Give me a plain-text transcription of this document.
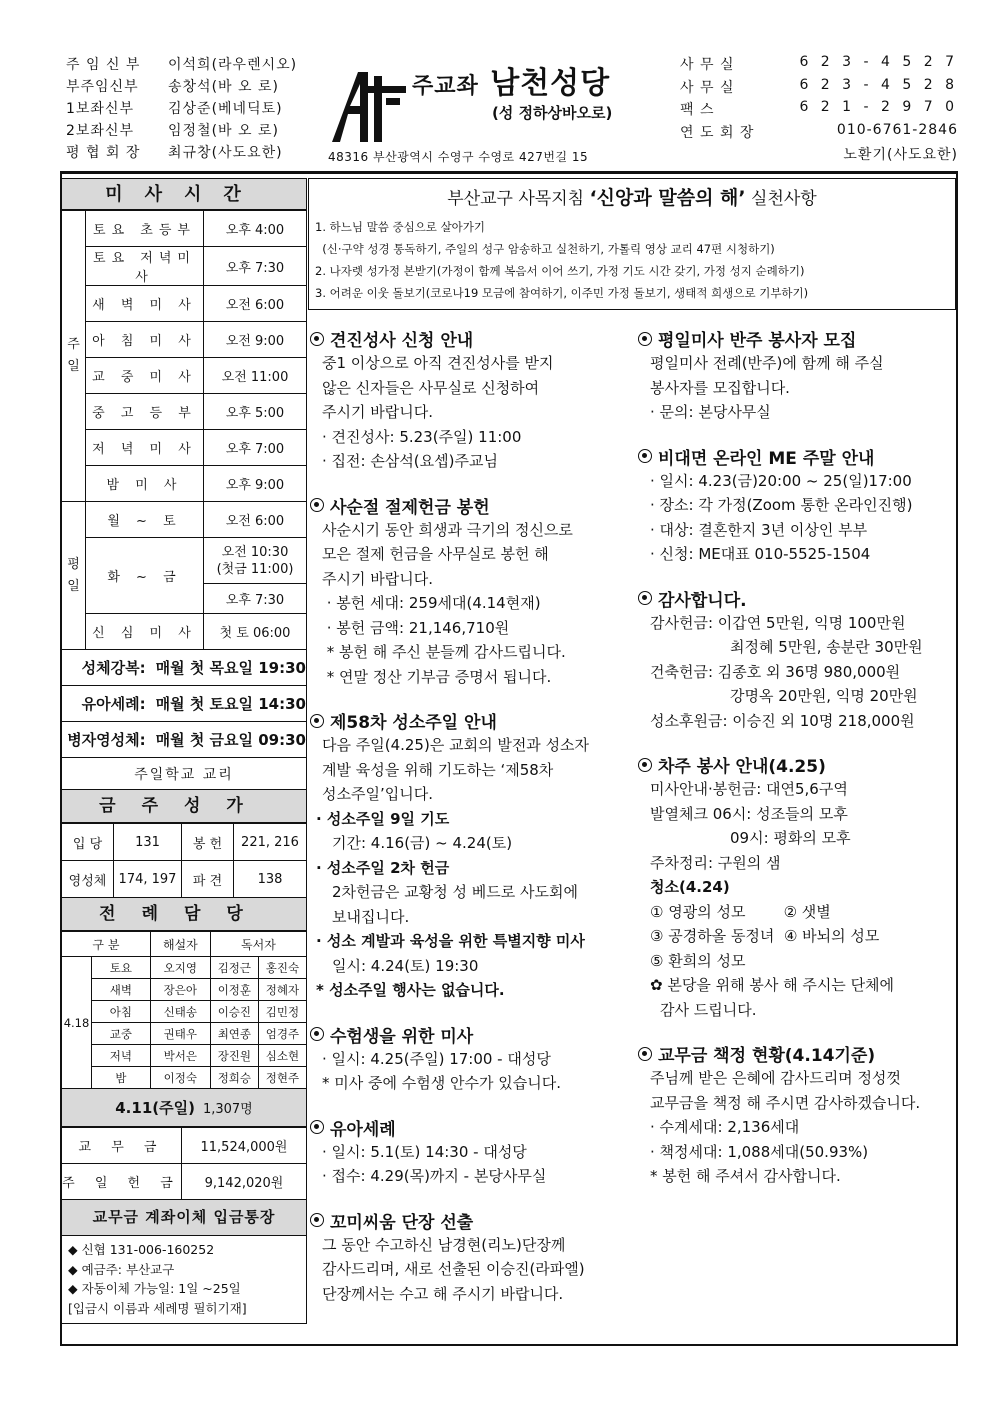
주 임 신 부	이석희(라우렌시오)
부주임신부	송창석(바 오 로)
1보좌신부	김상준(베네딕토)
2보좌신부	임정철(바 오 로)
평 협 회 장	최규창(사도요한)
주교좌 남천성당
(성 정하상바오로)
48316 부산광역시 수영구 수영로 427번길 15
사 무 실	6 2 3 - 4 5 2 7
사 무 실	6 2 3 - 4 5 2 8
팩 스	6 2 1 - 2 9 7 0
연 도 회 장	010-6761-2846
노환기(사도요한)
미사시간
주
일	토요 초등부	오후 4:00
	토요 저녁미사	오후 7:30
	새 벽 미 사	오전 6:00
	아 침 미 사	오전 9:00
	교 중 미 사	오전 11:00
	중 고 등 부	오후 5:00
	저 녁 미 사	오후 7:00
	밤 미 사	오후 9:00
평
일	월 ~ 토	오전 6:00
	화 ~ 금	오전 10:30
(첫금 11:00)
		오후 7:30
	신 심 미 사	첫 토 06:00
성체강복: 매월 첫 목요일 19:30
유아세례: 매월 첫 토요일 14:30
병자영성체: 매월 첫 금요일 09:30
주일학교 교리
금주성가
입 당	131	봉 헌	221, 216
영성체	174, 197	파 견	138
전례담당
구 분		해설자	독서자	
4.18	토요	오지영	김정근	홍진숙
	새벽	장은아	이정훈	정혜자
	아침	신태송	이승진	김민정
	교중	권태우	최연종	엄경주
	저녁	박서은	장진원	심소현
	밤	이정숙	정희승	정현주
4.11(주일) 1,307명
교 무 금	11,524,000원
주 일 헌 금	9,142,020원
교무금 계좌이체 입금통장
◆ 신협 131-006-160252
◆ 예금주: 부산교구
◆ 자동이체 가능일: 1일 ~25일
[입금시 이름과 세례명 필히기재]
부산교구 사목지침 ‘신앙과 말씀의 해’ 실천사항
1. 하느님 말씀 중심으로 살아가기
(신·구약 성경 통독하기, 주일의 성구 암송하고 실천하기, 가톨릭 영상 교리 47편 시청하기)
2. 나자렛 성가정 본받기(가정이 함께 복음서 이어 쓰기, 가정 기도 시간 갖기, 가정 성지 순례하기)
3. 어려운 이웃 돌보기(코로나19 모금에 참여하기, 이주민 가정 돌보기, 생태적 희생으로 기부하기)
견진성사 신청 안내
중1 이상으로 아직 견진성사를 받지
않은 신자들은 사무실로 신청하여
주시기 바랍니다.
· 견진성사: 5.23(주일) 11:00
· 집전: 손삼석(요셉)주교님
사순절 절제헌금 봉헌
사순시기 동안 희생과 극기의 정신으로
모은 절제 헌금을 사무실로 봉헌 해
주시기 바랍니다.
· 봉헌 세대: 259세대(4.14현재)
· 봉헌 금액: 21,146,710원
* 봉헌 해 주신 분들께 감사드립니다.
* 연말 정산 기부금 증명서 됩니다.
제58차 성소주일 안내
다음 주일(4.25)은 교회의 발전과 성소자
계발 육성을 위해 기도하는 ‘제58차
성소주일’입니다.
· 성소주일 9일 기도
기간: 4.16(금) ~ 4.24(토)
· 성소주일 2차 헌금
2차헌금은 교황청 성 베드로 사도회에
보내집니다.
· 성소 계발과 육성을 위한 특별지향 미사
일시: 4.24(토) 19:30
* 성소주일 행사는 없습니다.
수험생을 위한 미사
· 일시: 4.25(주일) 17:00 - 대성당
* 미사 중에 수험생 안수가 있습니다.
유아세례
· 일시: 5.1(토) 14:30 - 대성당
· 접수: 4.29(목)까지 - 본당사무실
꼬미씨움 단장 선출
그 동안 수고하신 남경현(리노)단장께
감사드리며, 새로 선출된 이승진(라파엘)
단장께서는 수고 해 주시기 바랍니다.
평일미사 반주 봉사자 모집
평일미사 전례(반주)에 함께 해 주실
봉사자를 모집합니다.
· 문의: 본당사무실
비대면 온라인 ME 주말 안내
· 일시: 4.23(금)20:00 ~ 25(일)17:00
· 장소: 각 가정(Zoom 통한 온라인진행)
· 대상: 결혼한지 3년 이상인 부부
· 신청: ME대표 010-5525-1504
감사합니다.
감사헌금: 이갑연 5만원, 익명 100만원
최정혜 5만원, 송분란 30만원
건축헌금: 김종호 외 36명 980,000원
강명옥 20만원, 익명 20만원
성소후원금: 이승진 외 10명 218,000원
차주 봉사 안내(4.25)
미사안내·봉헌금: 대연5,6구역
발열체크 06시: 성조들의 모후
09시: 평화의 모후
주차정리: 구원의 샘
청소(4.24)
① 영광의 성모        ② 샛별
③ 공경하올 동정녀  ④ 바뇌의 성모
⑤ 환희의 성모
✿ 본당을 위해 봉사 해 주시는 단체에
감사 드립니다.
교무금 책정 현황(4.14기준)
주님께 받은 은혜에 감사드리며 정성껏
교무금을 책정 해 주시면 감사하겠습니다.
· 수계세대: 2,136세대
· 책정세대: 1,088세대(50.93%)
* 봉헌 해 주셔서 감사합니다.
